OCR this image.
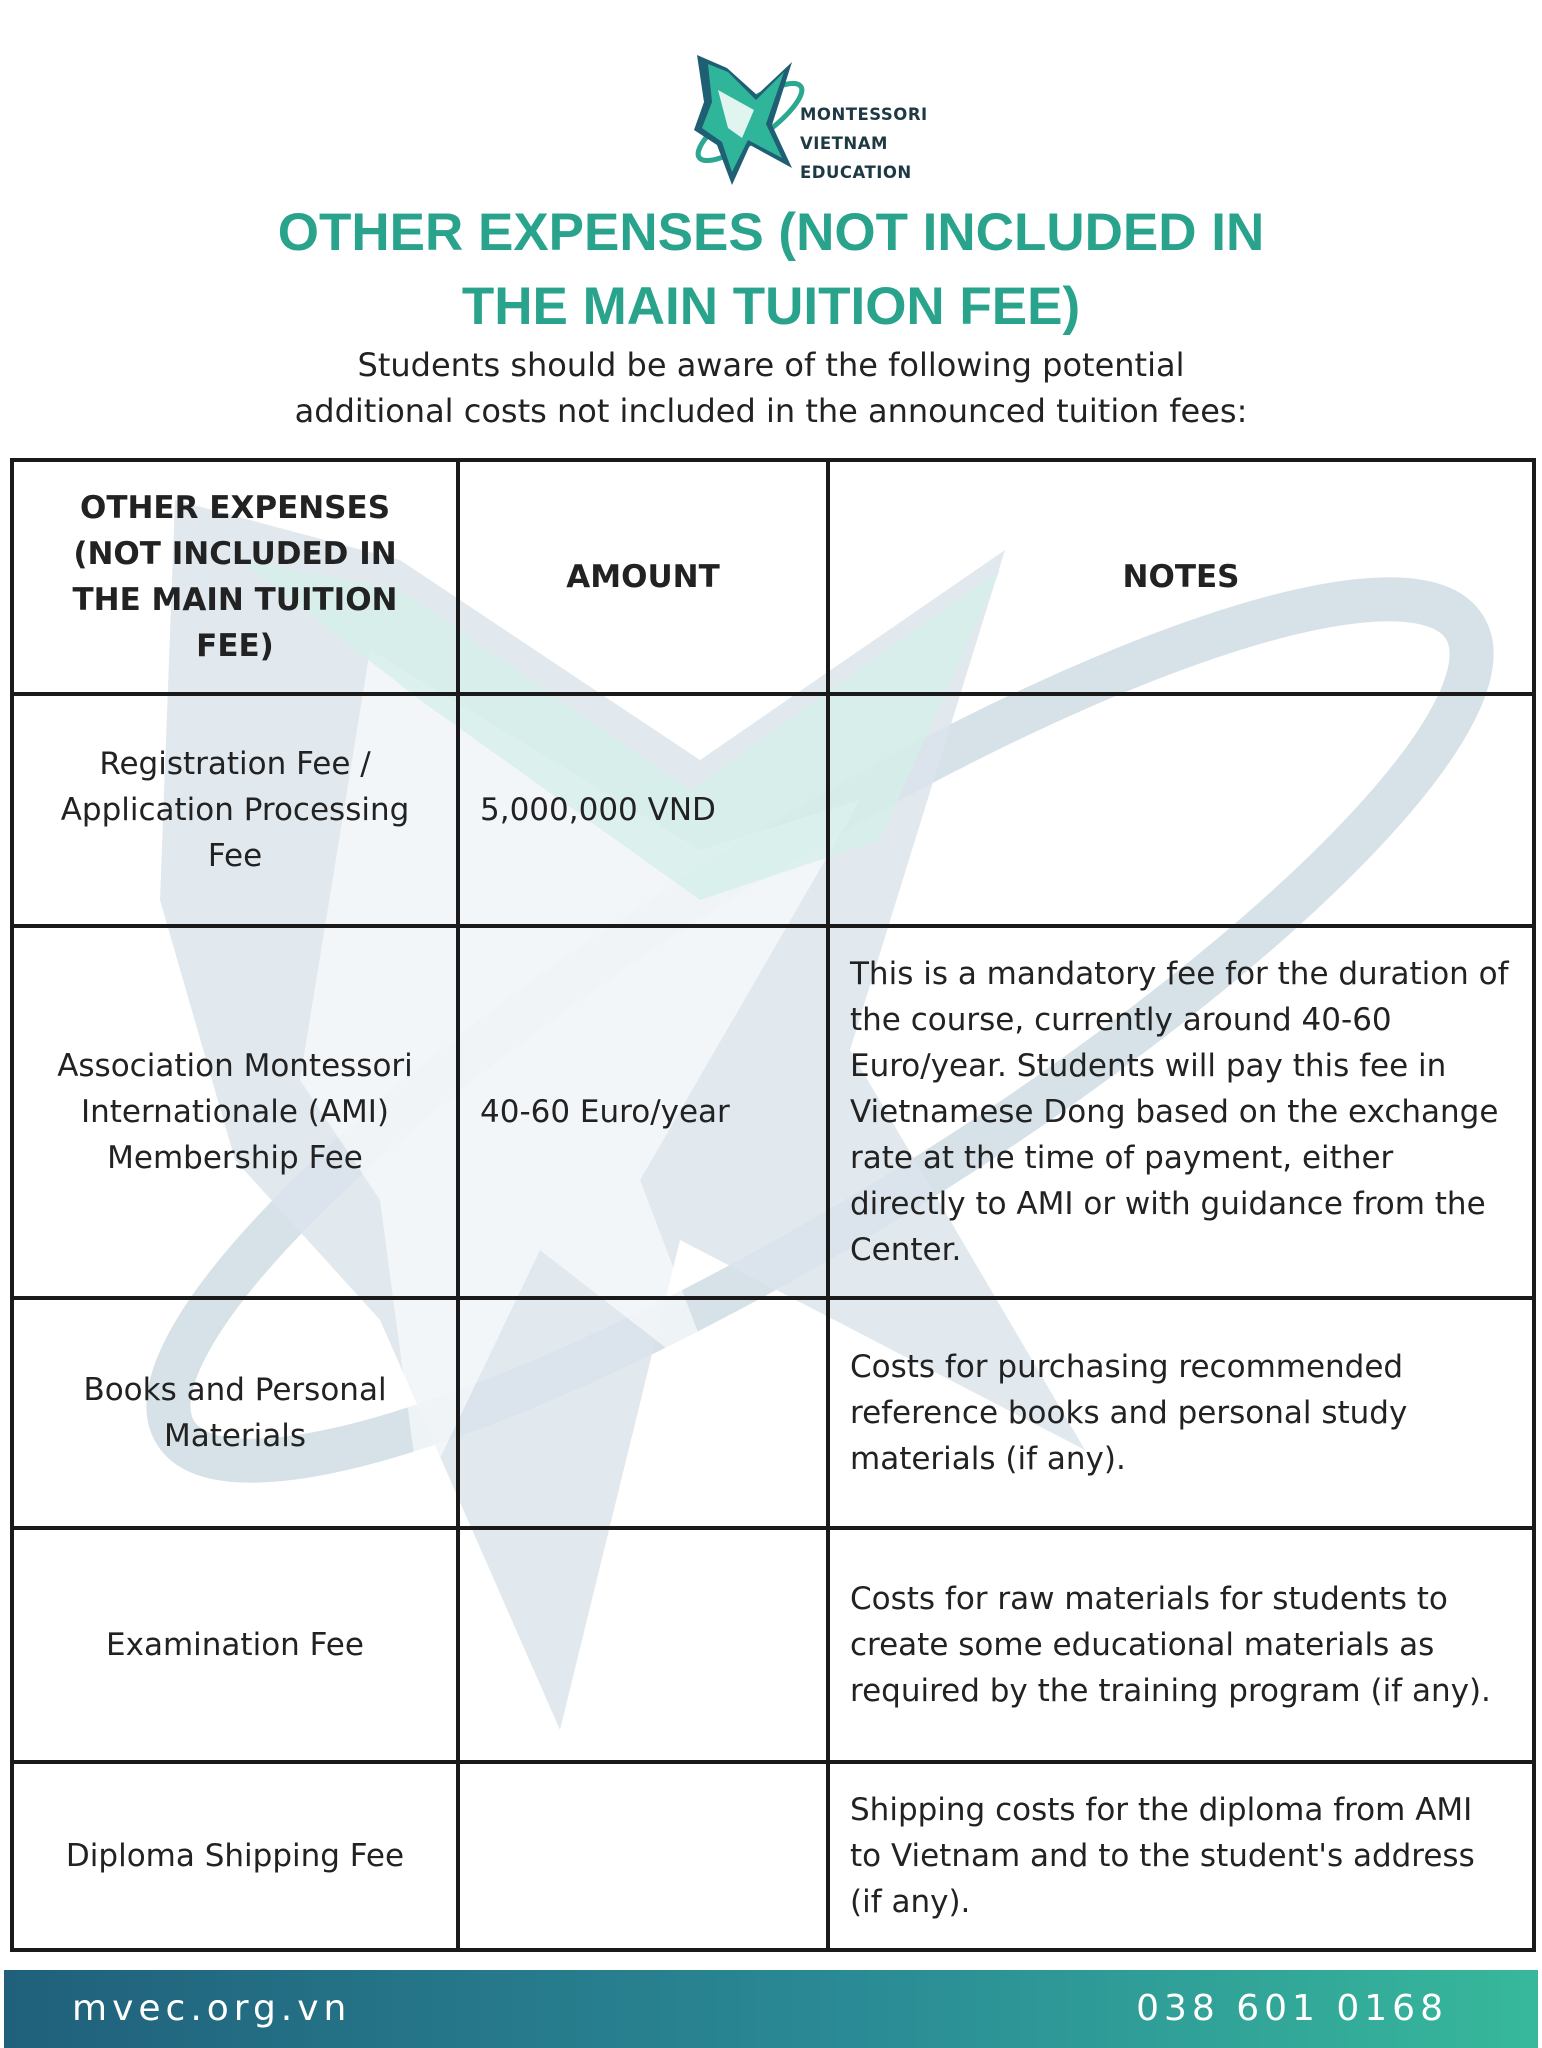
MONTESSORI
VIETNAM
EDUCATION
OTHER EXPENSES (NOT INCLUDED IN
THE MAIN TUITION FEE)
Students should be aware of the following potential
additional costs not included in the announced tuition fees:
OTHER EXPENSES (NOT INCLUDED IN THE MAIN TUITION FEE)	AMOUNT	NOTES
Registration Fee / Application Processing Fee	5,000,000 VND	
Association Montessori Internationale (AMI) Membership Fee	40-60 Euro/year	This is a mandatory fee for the duration of the course, currently around 40-60 Euro/year. Students will pay this fee in Vietnamese Dong based on the exchange rate at the time of payment, either directly to AMI or with guidance from the Center.
Books and Personal Materials		Costs for purchasing recommended reference books and personal study materials (if any).
Examination Fee		Costs for raw materials for students to create some educational materials as required by the training program (if any).
Diploma Shipping Fee		Shipping costs for the diploma from AMI to Vietnam and to the student's address (if any).
mvec.org.vn	038 601 0168
